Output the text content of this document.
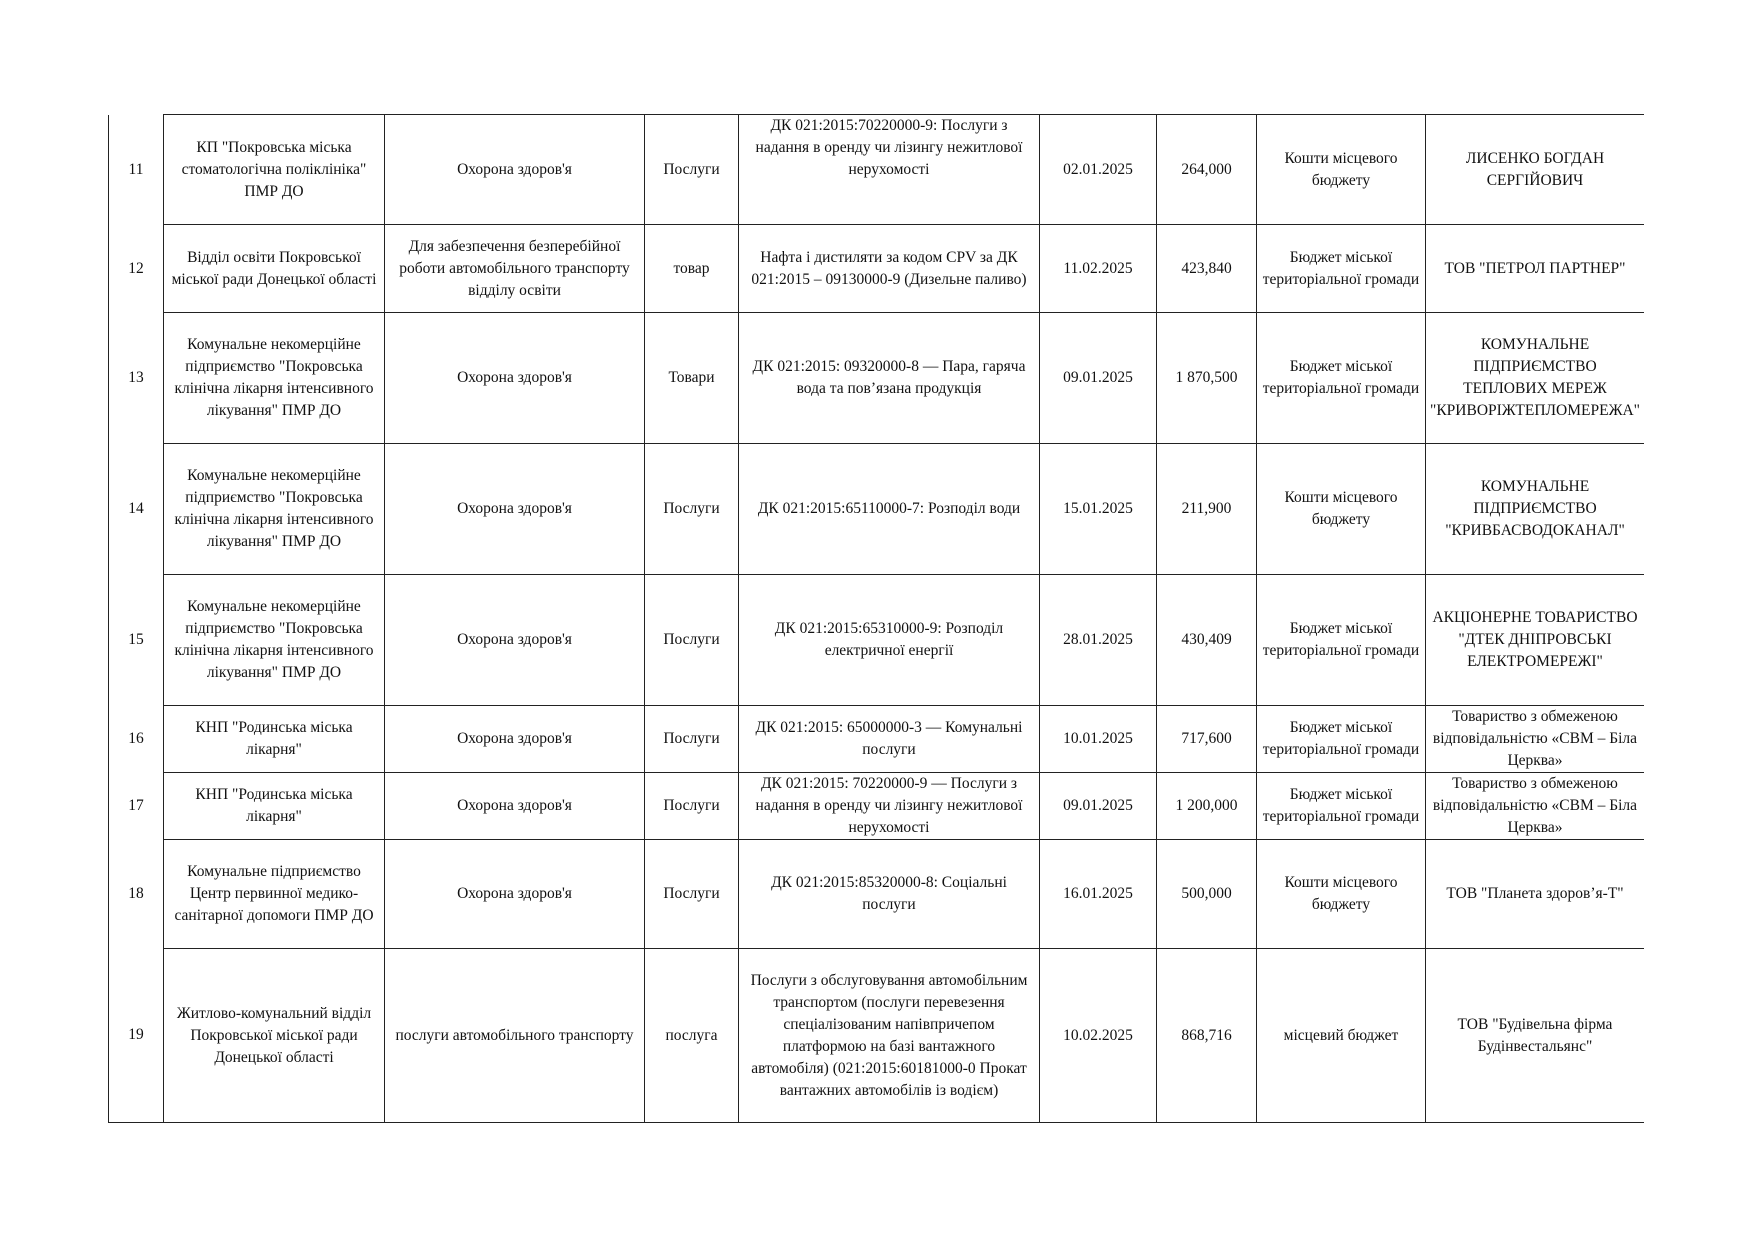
11	КП "Покровська міська стоматологічна поліклініка" ПМР ДО	Охорона здоров'я	Послуги	ДК 021:2015:70220000-9: Послуги з надання в оренду чи лізингу нежитлової нерухомості	02.01.2025	264,000	Кошти місцевого бюджету	ЛИСЕНКО БОГДАН СЕРГІЙОВИЧ
12	Відділ освіти Покровської міської ради Донецької області	Для забезпечення безперебійної роботи автомобільного транспорту відділу освіти	товар	Нафта і дистиляти за кодом CPV за ДК 021:2015 – 09130000-9 (Дизельне паливо)	11.02.2025	423,840	Бюджет міської територіальної громади	ТОВ "ПЕТРОЛ ПАРТНЕР"
13	Комунальне некомерційне підприємство "Покровська клінічна лікарня інтенсивного лікування" ПМР ДО	Охорона здоров'я	Товари	ДК 021:2015: 09320000-8 — Пара, гаряча вода та пов’язана продукція	09.01.2025	1 870,500	Бюджет міської територіальної громади	КОМУНАЛЬНЕ ПІДПРИЄМСТВО ТЕПЛОВИХ МЕРЕЖ "КРИВОРІЖТЕПЛОМЕРЕЖА"
14	Комунальне некомерційне підприємство "Покровська клінічна лікарня інтенсивного лікування" ПМР ДО	Охорона здоров'я	Послуги	ДК 021:2015:65110000-7: Розподіл води	15.01.2025	211,900	Кошти місцевого бюджету	КОМУНАЛЬНЕ ПІДПРИЄМСТВО "КРИВБАСВОДОКАНАЛ"
15	Комунальне некомерційне підприємство "Покровська клінічна лікарня інтенсивного лікування" ПМР ДО	Охорона здоров'я	Послуги	ДК 021:2015:65310000-9: Розподіл електричної енергії	28.01.2025	430,409	Бюджет міської територіальної громади	АКЦІОНЕРНЕ ТОВАРИСТВО "ДТЕК ДНІПРОВСЬКІ ЕЛЕКТРОМЕРЕЖІ"
16	КНП "Родинська міська лікарня"	Охорона здоров'я	Послуги	ДК 021:2015: 65000000-3 — Комунальні послуги	10.01.2025	717,600	Бюджет міської територіальної громади	Товариство з обмеженою відповідальністю «СВМ – Біла Церква»
17	КНП "Родинська міська лікарня"	Охорона здоров'я	Послуги	ДК 021:2015: 70220000-9 — Послуги з надання в оренду чи лізингу нежитлової нерухомості	09.01.2025	1 200,000	Бюджет міської територіальної громади	Товариство з обмеженою відповідальністю «СВМ – Біла Церква»
18	Комунальне підприємство Центр первинної медико-санітарної допомоги ПМР ДО	Охорона здоров'я	Послуги	ДК 021:2015:85320000-8: Соціальні послуги	16.01.2025	500,000	Кошти місцевого бюджету	ТОВ "Планета здоров’я-Т"
19	Житлово-комунальний відділ Покровської міської ради Донецької області	послуги автомобільного транспорту	послуга	Послуги з обслуговування автомобільним транспортом (послуги перевезення спеціалізованим напівпричепом платформою на базі вантажного автомобіля) (021:2015:60181000-0 Прокат вантажних автомобілів із водієм)	10.02.2025	868,716	місцевий бюджет	ТОВ "Будівельна фірма Будінвестальянс"
